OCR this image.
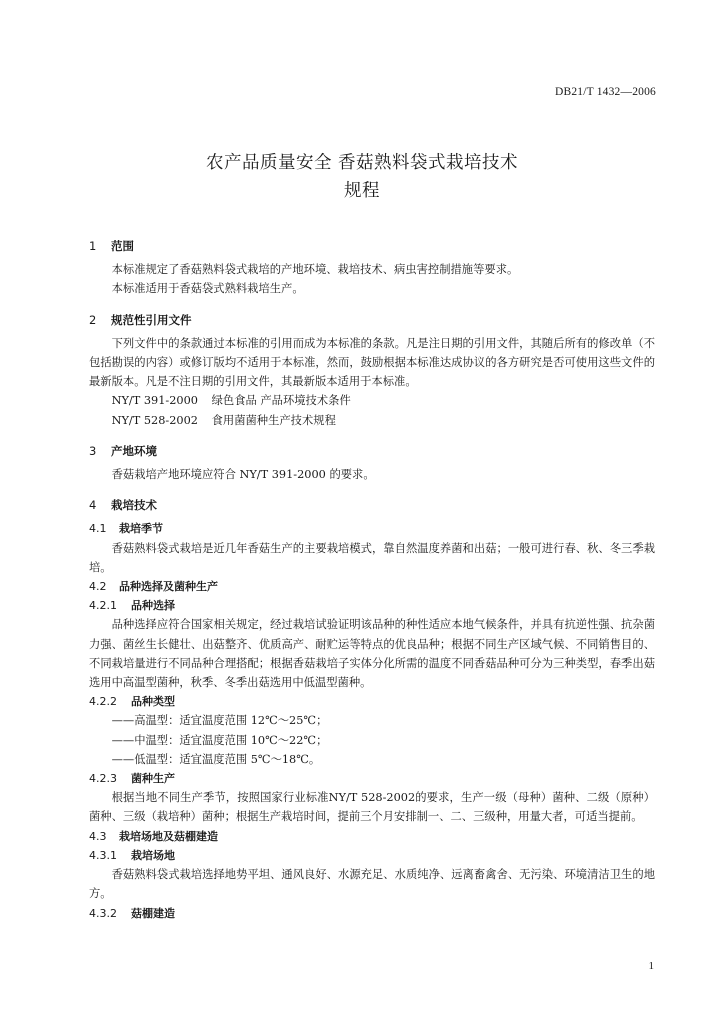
DB21/T 1432—2006
农产品质量安全 香菇熟料袋式栽培技术
规程
1 范围

本标准规定了香菇熟料袋式栽培的产地环境、栽培技术、病虫害控制措施等要求。

本标准适用于香菇袋式熟料栽培生产。

2 规范性引用文件

下列文件中的条款通过本标准的引用而成为本标准的条款。凡是注日期的引用文件，其随后所有的修改单（不包括勘误的内容）或修订版均不适用于本标准，然而，鼓励根据本标准达成协议的各方研究是否可使用这些文件的最新版本。凡是不注日期的引用文件，其最新版本适用于本标准。

NY/T 391-2000 绿色食品 产品环境技术条件
NY/T 528-2002 食用菌菌种生产技术规程
3 产地环境

香菇栽培产地环境应符合 NY/T 391-2000 的要求。

4 栽培技术
4.1 栽培季节

香菇熟料袋式栽培是近几年香菇生产的主要栽培模式，靠自然温度养菌和出菇；一般可进行春、秋、冬三季栽培。

4.2 品种选择及菌种生产
4.2.1 品种选择

品种选择应符合国家相关规定，经过栽培试验证明该品种的种性适应本地气候条件，并具有抗逆性强、抗杂菌力强、菌丝生长健壮、出菇整齐、优质高产、耐贮运等特点的优良品种；根据不同生产区域气候、不同销售目的、不同栽培量进行不同品种合理搭配；根据香菇栽培子实体分化所需的温度不同香菇品种可分为三种类型，春季出菇选用中高温型菌种，秋季、冬季出菇选用中低温型菌种。

4.2.2 品种类型
——高温型：适宜温度范围 12℃～25℃；
——中温型：适宜温度范围 10℃～22℃；
——低温型：适宜温度范围 5℃～18℃。
4.2.3 菌种生产

根据当地不同生产季节，按照国家行业标准NY/T 528-2002的要求，生产一级（母种）菌种、二级（原种）菌种、三级（栽培种）菌种；根据生产栽培时间，提前三个月安排制一、二、三级种，用量大者，可适当提前。

4.3 栽培场地及菇棚建造
4.3.1 栽培场地

香菇熟料袋式栽培选择地势平坦、通风良好、水源充足、水质纯净、远离畜禽舍、无污染、环境清洁卫生的地方。

4.3.2 菇棚建造
1
